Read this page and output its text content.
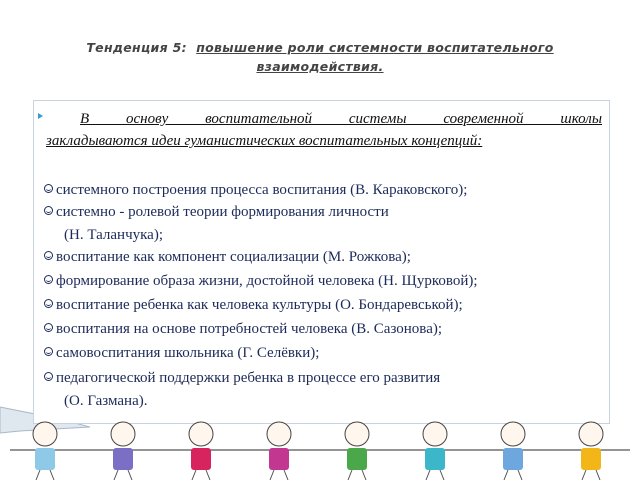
Тенденция 5: повышение роли системности воспитательного
взаимодействия.
В основу воспитательной системы современной школы
закладываются идеи гуманистических воспитательных концепций:
системного построения процесса воспитания (В. Караковского);
системно - ролевой теории формирования личности
(Н. Таланчука);
воспитание как компонент социализации (М. Рожкова);
формирование образа жизни, достойной человека (Н. Щурковой);
воспитание ребенка как человека культуры (О. Бондаревськой);
воспитания на основе потребностей человека (В. Сазонова);
самовоспитания школьника (Г. Селёвки);
педагогической поддержки ребенка в процессе его развития
(О. Газмана).
